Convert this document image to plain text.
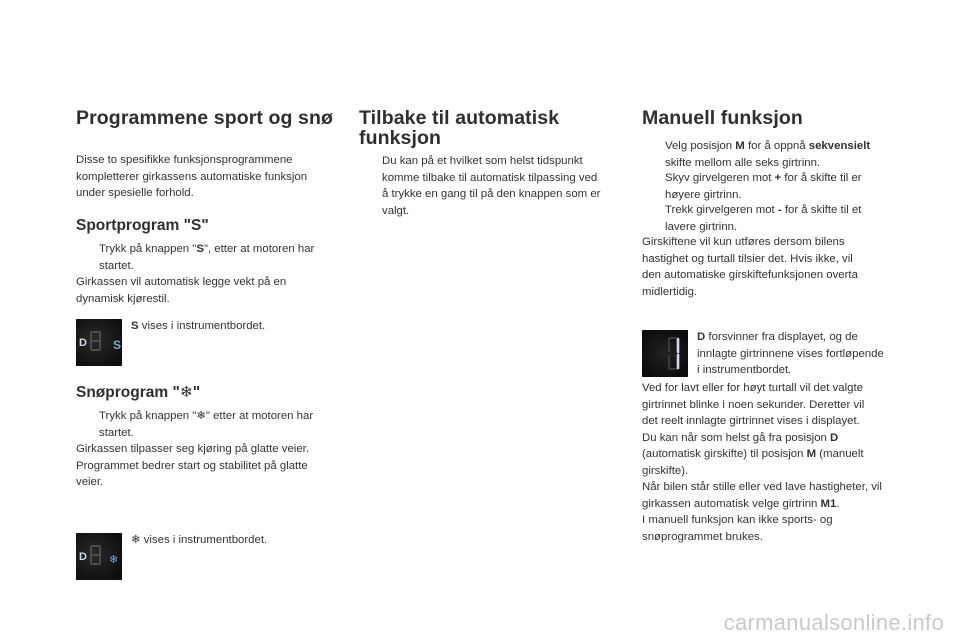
Programmene sport og snø
Disse to spesifikke funksjonsprogrammene
kompletterer girkassens automatiske funksjon
under spesielle forhold.
Sportprogram "S"
Trykk på knappen "S", etter at motoren har
startet.
Girkassen vil automatisk legge vekt på en
dynamisk kjørestil.
D S
S vises i instrumentbordet.
Snøprogram "❄"
Trykk på knappen "❄" etter at motoren har
startet.
Girkassen tilpasser seg kjøring på glatte veier.
Programmet bedrer start og stabilitet på glatte
veier.
D ❄
❄ vises i instrumentbordet.
Tilbake til automatisk
funksjon
Du kan på et hvilket som helst tidspunkt
komme tilbake til automatisk tilpassing ved
å trykke en gang til på den knappen som er
valgt.
Manuell funksjon
Velg posisjon M for å oppnå sekvensielt
skifte mellom alle seks girtrinn.
Skyv girvelgeren mot + for å skifte til er
høyere girtrinn.
Trekk girvelgeren mot - for å skifte til et
lavere girtrinn.
Girskiftene vil kun utføres dersom bilens
hastighet og turtall tilsier det. Hvis ikke, vil
den automatiske girskiftefunksjonen overta
midlertidig.
D forsvinner fra displayet, og de
innlagte girtrinnene vises fortløpende
i instrumentbordet.
Ved for lavt eller for høyt turtall vil det valgte
girtrinnet blinke i noen sekunder. Deretter vil
det reelt innlagte girtrinnet vises i displayet.
Du kan når som helst gå fra posisjon D
(automatisk girskifte) til posisjon M (manuelt
girskifte).
Når bilen står stille eller ved lave hastigheter, vil
girkassen automatisk velge girtrinn M1.
I manuell funksjon kan ikke sports- og
snøprogrammet brukes.
carmanualsonline.info
